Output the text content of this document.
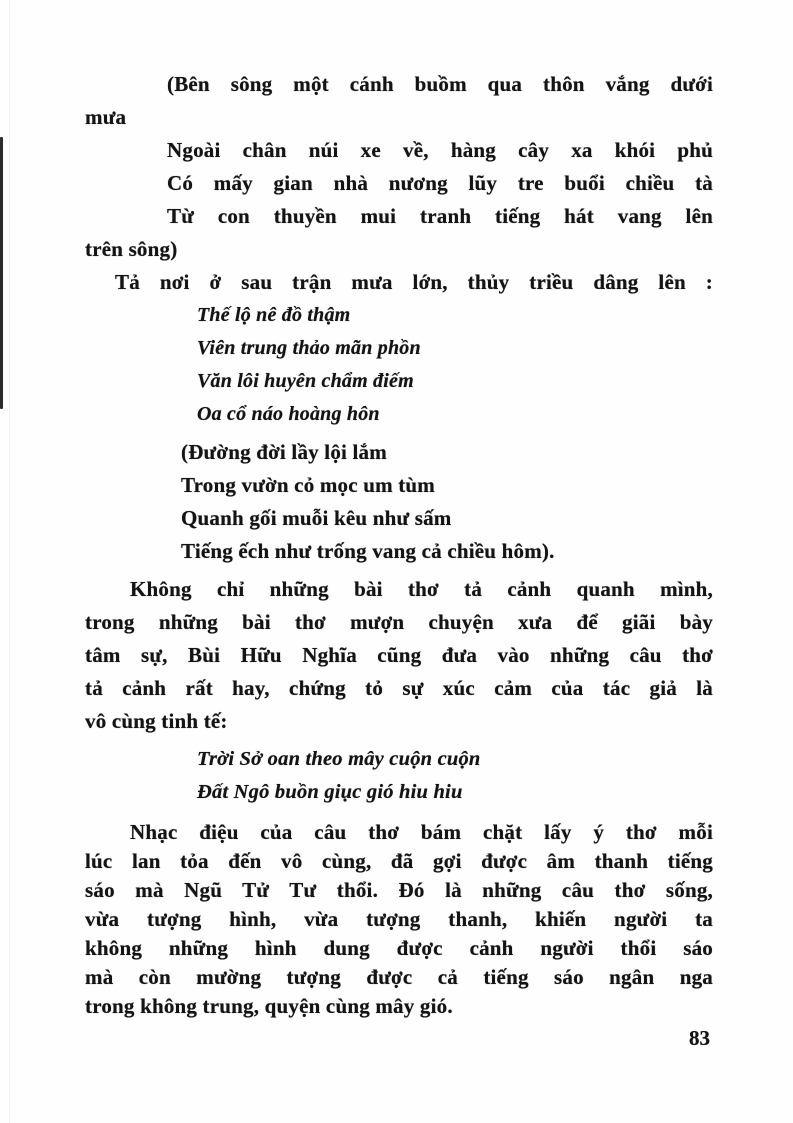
(Bên sông một cánh buồm qua thôn vắng dưới
mưa
Ngoài chân núi xe về, hàng cây xa khói phủ
Có mấy gian nhà nương lũy tre buổi chiều tà
Từ con thuyền mui tranh tiếng hát vang lên
trên sông)
Tả nơi ở sau trận mưa lớn, thủy triều dâng lên :
Thế lộ nê đồ thậm
Viên trung thảo mãn phồn
Văn lôi huyên chẩm điếm
Oa cổ náo hoàng hôn
(Đường đời lầy lội lắm
Trong vườn cỏ mọc um tùm
Quanh gối muỗi kêu như sấm
Tiếng ếch như trống vang cả chiều hôm).
Không chỉ những bài thơ tả cảnh quanh mình,
trong những bài thơ mượn chuyện xưa để giãi bày
tâm sự, Bùi Hữu Nghĩa cũng đưa vào những câu thơ
tả cảnh rất hay, chứng tỏ sự xúc cảm của tác giả là
vô cùng tinh tế:
Trời Sở oan theo mây cuộn cuộn
Đất Ngô buồn giục gió hiu hiu
Nhạc điệu của câu thơ bám chặt lấy ý thơ mỗi
lúc lan tỏa đến vô cùng, đã gợi được âm thanh tiếng
sáo mà Ngũ Tử Tư thổi. Đó là những câu thơ sống,
vừa tượng hình, vừa tượng thanh, khiến người ta
không những hình dung được cảnh người thổi sáo
mà còn mường tượng được cả tiếng sáo ngân nga
trong không trung, quyện cùng mây gió.
83
